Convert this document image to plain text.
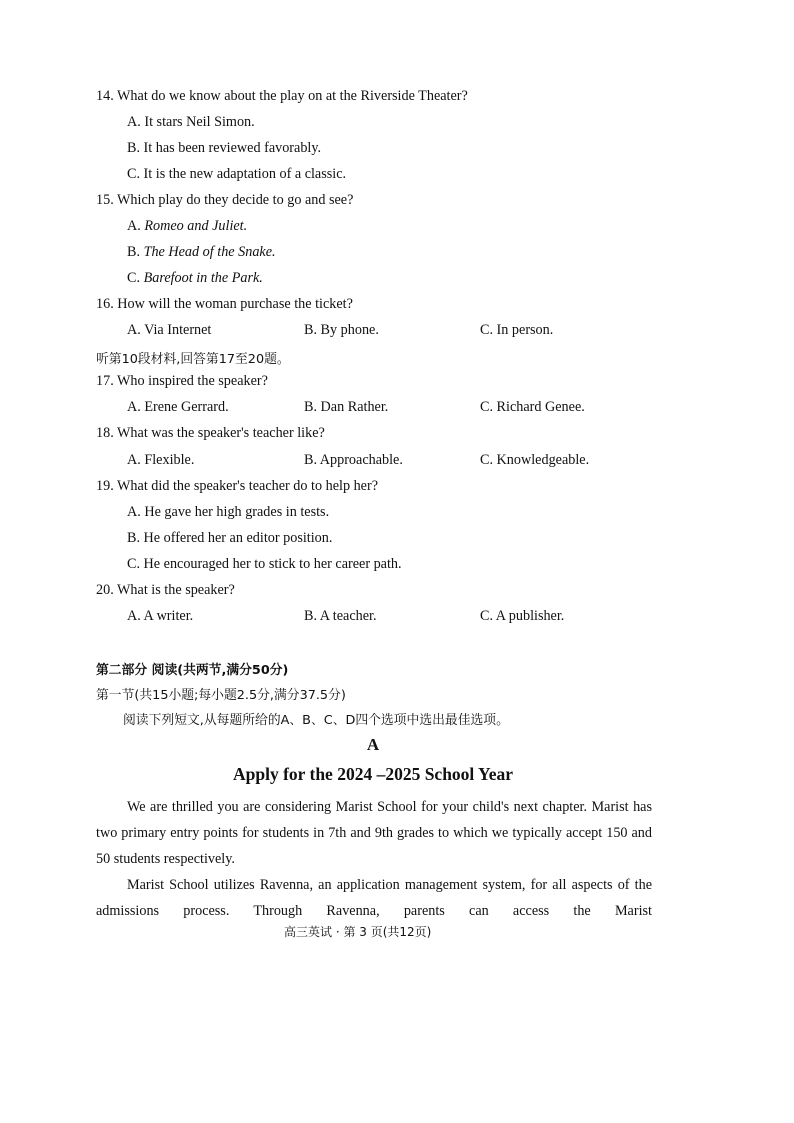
14. What do we know about the play on at the Riverside Theater?
A. It stars Neil Simon.
B. It has been reviewed favorably.
C. It is the new adaptation of a classic.
15. Which play do they decide to go and see?
A. Romeo and Juliet.
B. The Head of the Snake.
C. Barefoot in the Park.
16. How will the woman purchase the ticket?
A. Via Internet	B. By phone.	C. In person.
听第10段材料,回答第17至20题。
17. Who inspired the speaker?
A. Erene Gerrard.	B. Dan Rather.	C. Richard Genee.
18. What was the speaker's teacher like?
A. Flexible.	B. Approachable.	C. Knowledgeable.
19. What did the speaker's teacher do to help her?
A. He gave her high grades in tests.
B. He offered her an editor position.
C. He encouraged her to stick to her career path.
20. What is the speaker?
A. A writer.	B. A teacher.	C. A publisher.
第二部分 阅读(共两节,满分50分)
第一节(共15小题;每小题2.5分,满分37.5分)
阅读下列短文,从每题所给的A、B、C、D四个选项中选出最佳选项。
A
Apply for the 2024 –2025 School Year
We are thrilled you are considering Marist School for your child's next chapter. Marist has two primary entry points for students in 7th and 9th grades to which we typically accept 150 and 50 students respectively.
Marist School utilizes Ravenna, an application management system, for all aspects of the admissions process. Through Ravenna, parents can access the Marist
高三英试 · 第 3 页(共12页)
